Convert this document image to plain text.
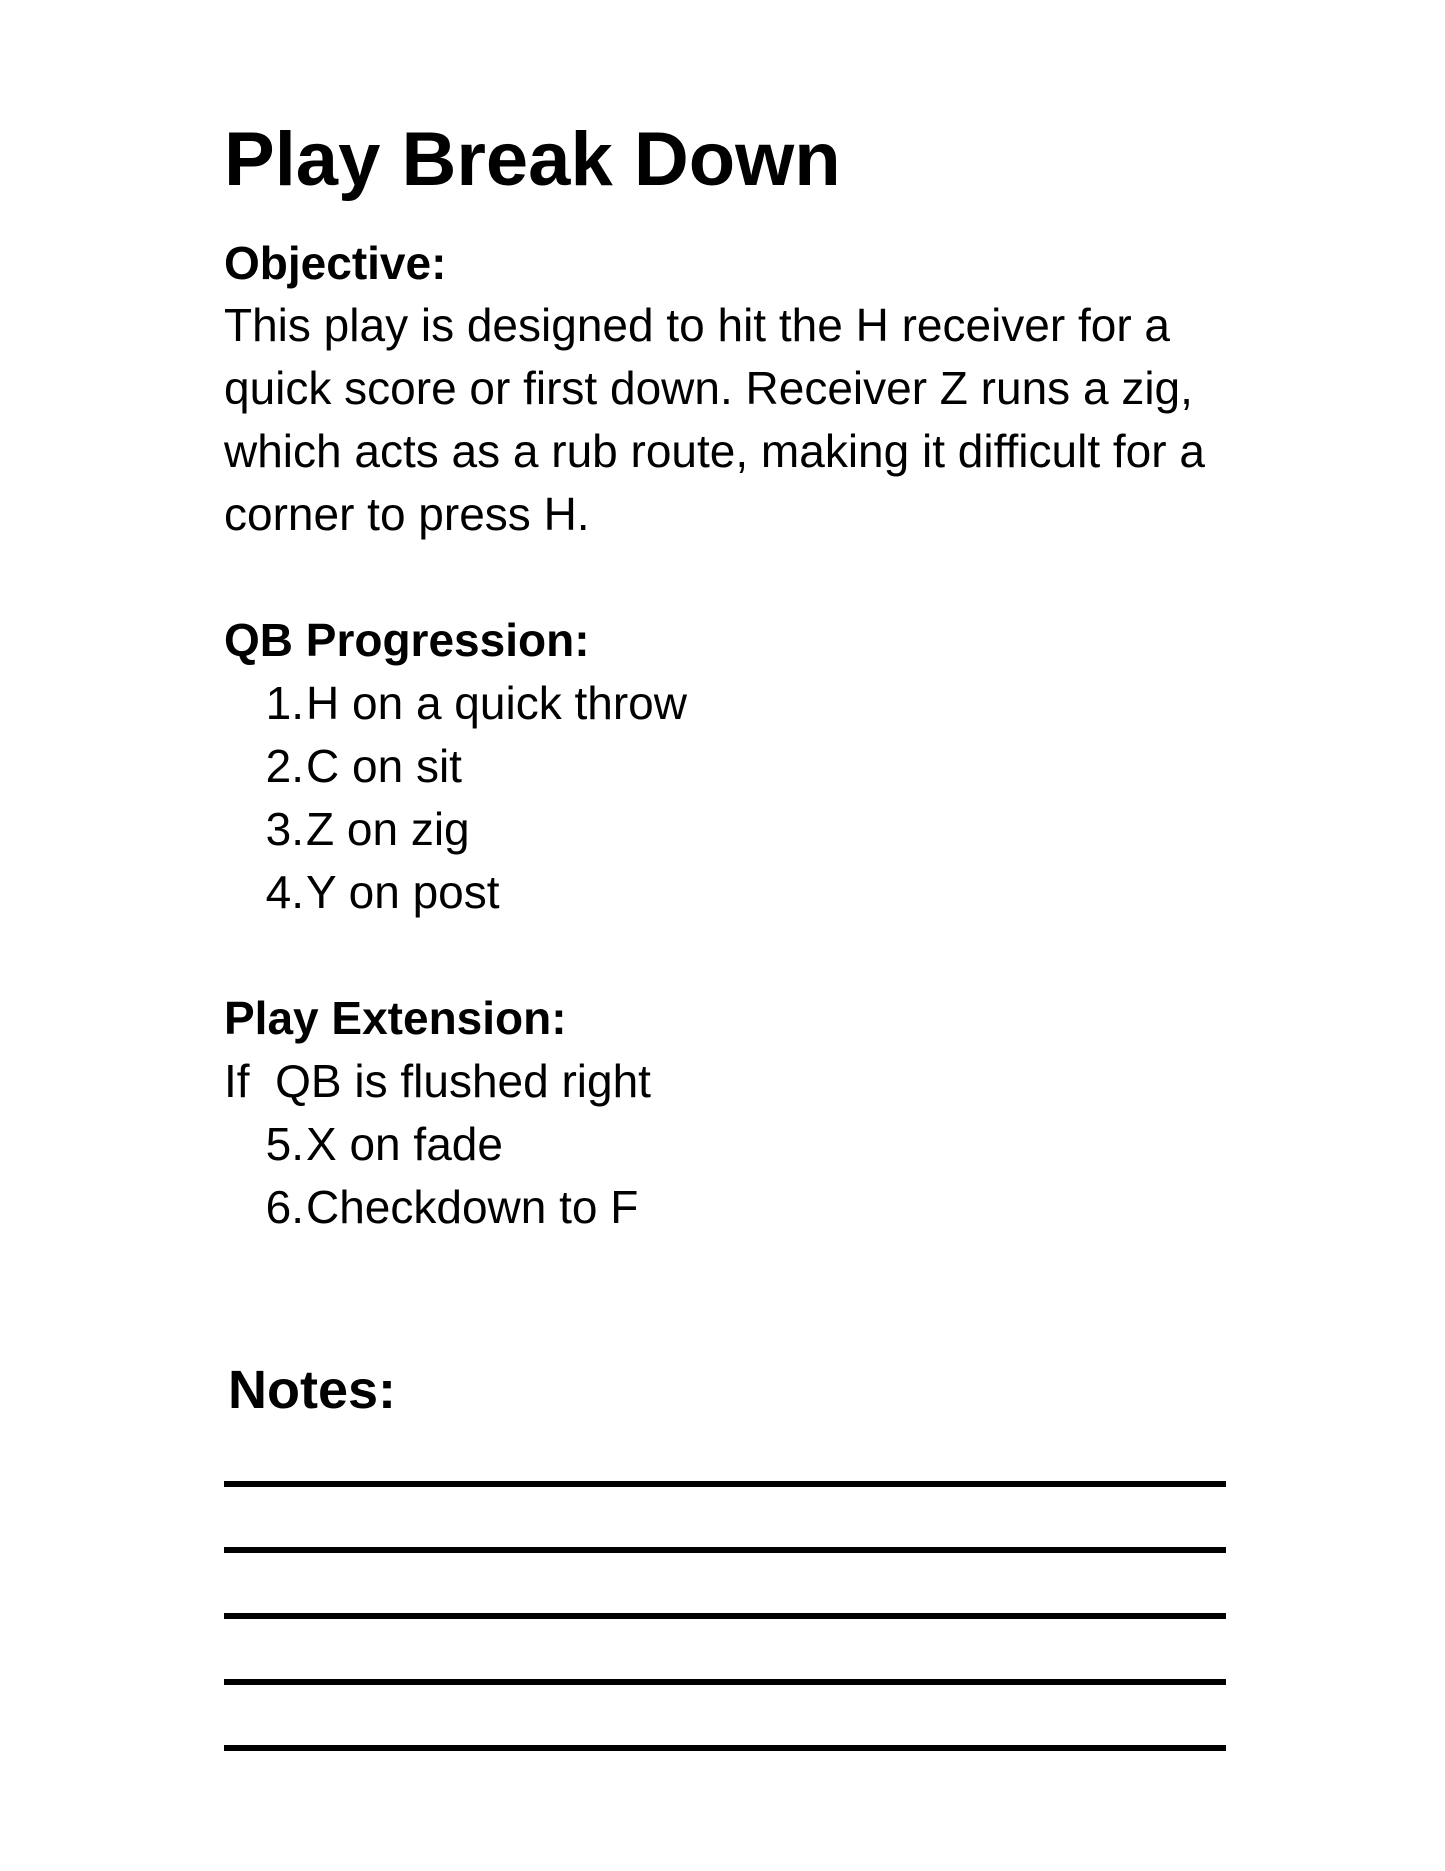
Play Break Down
Objective:

This play is designed to hit the H receiver for a

quick score or first down. Receiver Z runs a zig,

which acts as a rub route, making it difficult for a

corner to press H.

QB Progression:
1. H on a quick throw
2. C on sit
3. Z on zig
4. Y on post
Play Extension:

If  QB is flushed right

5. X on fade
6. Checkdown to F
Notes:
